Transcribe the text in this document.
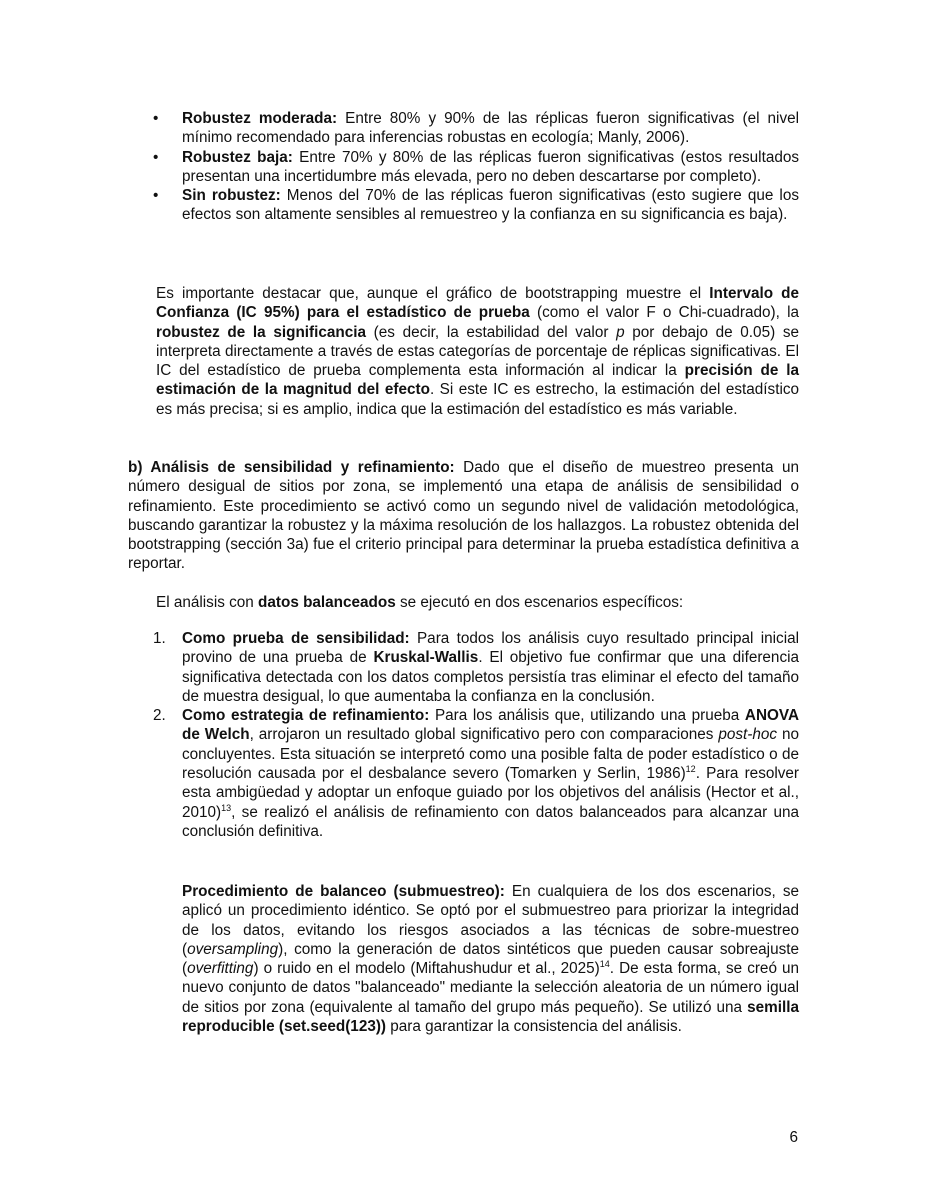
•	Robustez moderada: Entre 80% y 90% de las réplicas fueron significativas (el nivel mínimo recomendado para inferencias robustas en ecología; Manly, 2006).
•	Robustez baja: Entre 70% y 80% de las réplicas fueron significativas (estos resultados presentan una incertidumbre más elevada, pero no deben descartarse por completo).
•	Sin robustez: Menos del 70% de las réplicas fueron significativas (esto sugiere que los efectos son altamente sensibles al remuestreo y la confianza en su significancia es baja).

Es importante destacar que, aunque el gráfico de bootstrapping muestre el Intervalo de Confianza (IC 95%) para el estadístico de prueba (como el valor F o Chi-cuadrado), la robustez de la significancia (es decir, la estabilidad del valor p por debajo de 0.05) se interpreta directamente a través de estas categorías de porcentaje de réplicas significativas. El IC del estadístico de prueba complementa esta información al indicar la precisión de la estimación de la magnitud del efecto. Si este IC es estrecho, la estimación del estadístico es más precisa; si es amplio, indica que la estimación del estadístico es más variable.

b) Análisis de sensibilidad y refinamiento: Dado que el diseño de muestreo presenta un número desigual de sitios por zona, se implementó una etapa de análisis de sensibilidad o refinamiento. Este procedimiento se activó como un segundo nivel de validación metodológica, buscando garantizar la robustez y la máxima resolución de los hallazgos. La robustez obtenida del bootstrapping (sección 3a) fue el criterio principal para determinar la prueba estadística definitiva a reportar.

El análisis con datos balanceados se ejecutó en dos escenarios específicos:

1.	Como prueba de sensibilidad: Para todos los análisis cuyo resultado principal inicial provino de una prueba de Kruskal-Wallis. El objetivo fue confirmar que una diferencia significativa detectada con los datos completos persistía tras eliminar el efecto del tamaño de muestra desigual, lo que aumentaba la confianza en la conclusión.
2.	Como estrategia de refinamiento: Para los análisis que, utilizando una prueba ANOVA de Welch, arrojaron un resultado global significativo pero con comparaciones post-hoc no concluyentes. Esta situación se interpretó como una posible falta de poder estadístico o de resolución causada por el desbalance severo (Tomarken y Serlin, 1986)$^{12}$. Para resolver esta ambigüedad y adoptar un enfoque guiado por los objetivos del análisis (Hector et al., 2010)$^{13}$, se realizó el análisis de refinamiento con datos balanceados para alcanzar una conclusión definitiva.

Procedimiento de balanceo (submuestreo): En cualquiera de los dos escenarios, se aplicó un procedimiento idéntico. Se optó por el submuestreo para priorizar la integridad de los datos, evitando los riesgos asociados a las técnicas de sobre-muestreo (oversampling), como la generación de datos sintéticos que pueden causar sobreajuste (overfitting) o ruido en el modelo (Miftahushudur et al., 2025)$^{14}$. De esta forma, se creó un nuevo conjunto de datos "balanceado" mediante la selección aleatoria de un número igual de sitios por zona (equivalente al tamaño del grupo más pequeño). Se utilizó una semilla reproducible (set.seed(123)) para garantizar la consistencia del análisis.

6
